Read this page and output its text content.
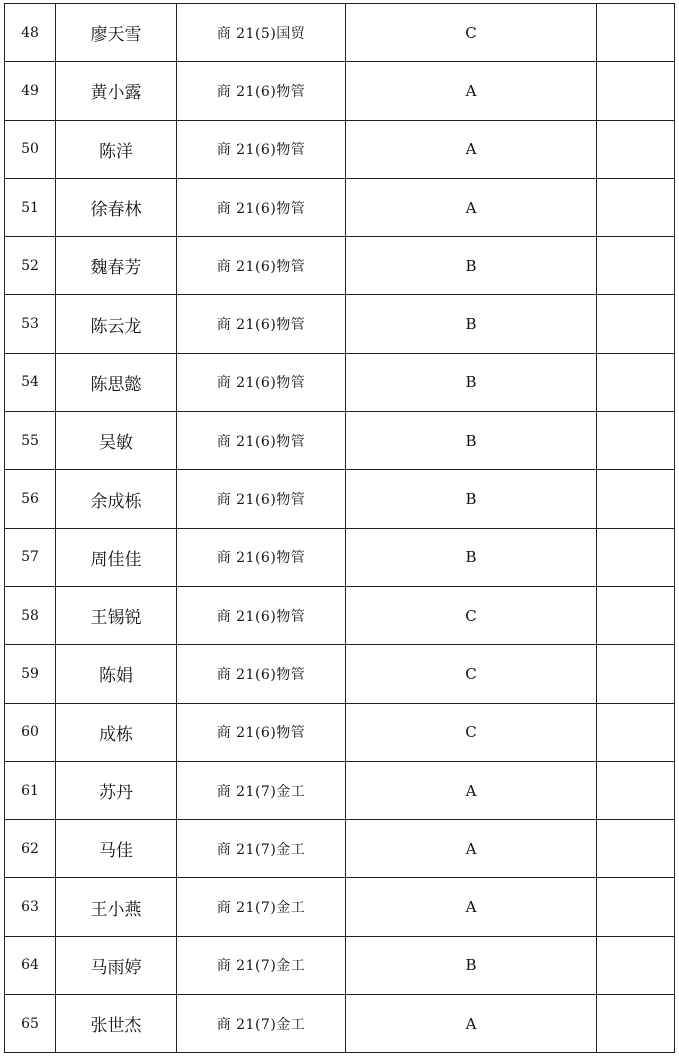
48	廖天雪	商 21(5)国贸	C	
49	黄小露	商 21(6)物管	A	
50	陈洋	商 21(6)物管	A	
51	徐春林	商 21(6)物管	A	
52	魏春芳	商 21(6)物管	B	
53	陈云龙	商 21(6)物管	B	
54	陈思懿	商 21(6)物管	B	
55	吴敏	商 21(6)物管	B	
56	余成栎	商 21(6)物管	B	
57	周佳佳	商 21(6)物管	B	
58	王锡锐	商 21(6)物管	C	
59	陈娟	商 21(6)物管	C	
60	成栋	商 21(6)物管	C	
61	苏丹	商 21(7)金工	A	
62	马佳	商 21(7)金工	A	
63	王小燕	商 21(7)金工	A	
64	马雨婷	商 21(7)金工	B	
65	张世杰	商 21(7)金工	A	
